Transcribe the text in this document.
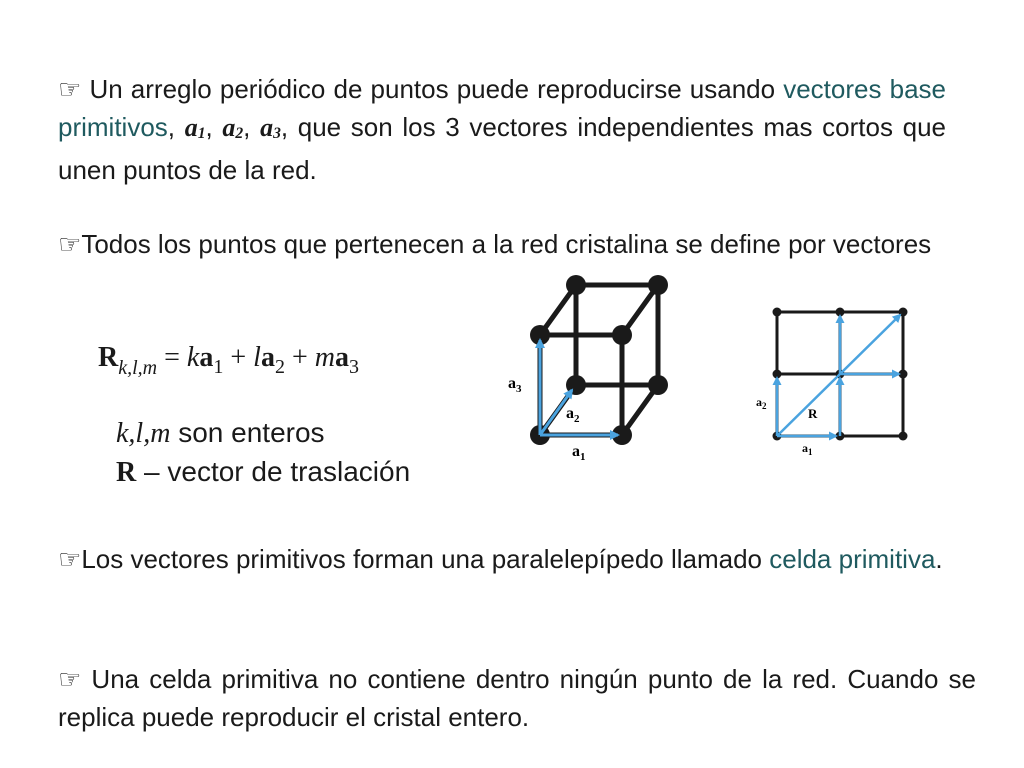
☞ Un arreglo periódico de puntos puede reproducirse usando vectores base primitivos, $a_1$, $a_2$, $a_3$, que son los 3 vectores independientes mas cortos que unen puntos de la red.
☞Todos los puntos que pertenecen a la red cristalina se define por vectores
$R_{k,l,m} = ka_1 + la_2 + ma_3$
k,l,m son enteros
R – vector de traslación
$a_3$
$a_2$
$a_1$
$a_2$	R
$a_1$
☞Los vectores primitivos forman una paralelepípedo llamado celda primitiva.
☞ Una celda primitiva no contiene dentro ningún punto de la red. Cuando se replica puede reproducir el cristal entero.
